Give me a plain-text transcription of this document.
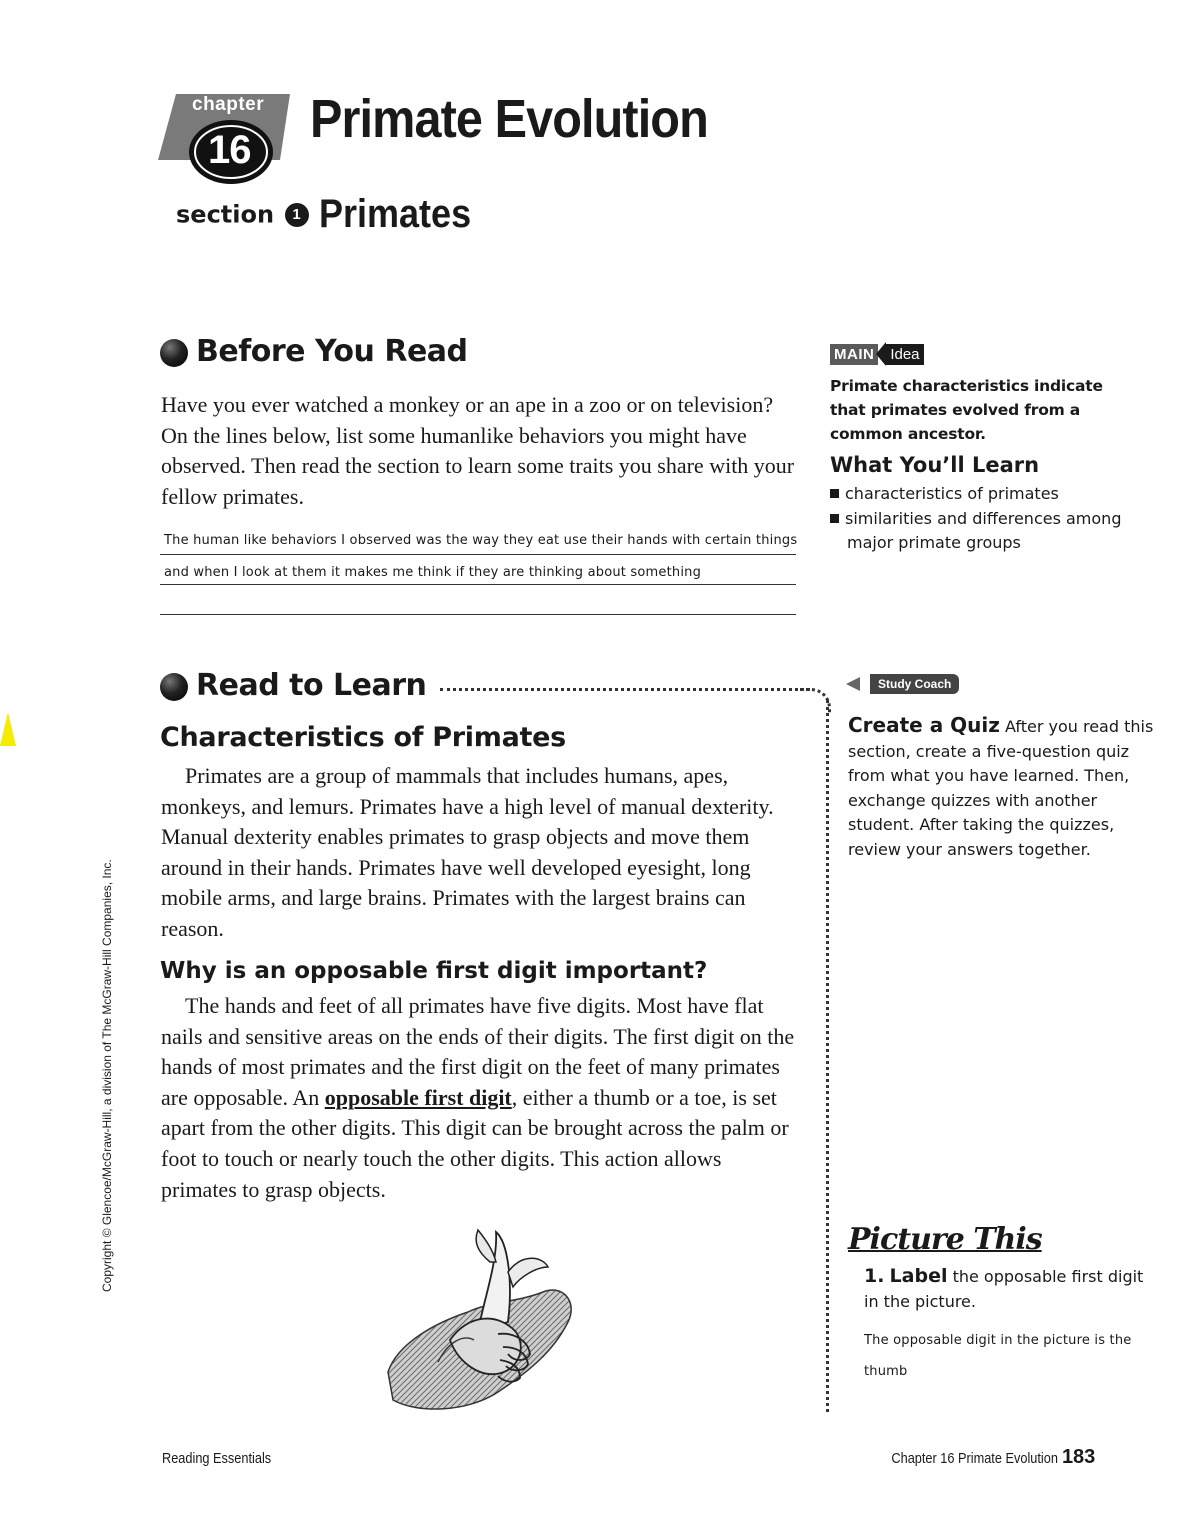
chapter
16
Primate Evolution
section 1 Primates
Before You Read
Have you ever watched a monkey or an ape in a zoo or on television? On the lines below, list some humanlike behaviors you might have observed. Then read the section to learn some traits you share with your fellow primates.
The human like behaviors I observed was the way they eat use their hands with certain things
and when I look at them it makes me think if they are thinking about something
MAIN Idea
Primate characteristics indicate that primates evolved from a common ancestor.
What You’ll Learn
characteristics of primates
similarities and differences among major primate groups
Read to Learn
Characteristics of Primates
Primates are a group of mammals that includes humans, apes, monkeys, and lemurs. Primates have a high level of manual dexterity. Manual dexterity enables primates to grasp objects and move them around in their hands. Primates have well developed eyesight, long mobile arms, and large brains. Primates with the largest brains can reason.
Why is an opposable first digit important?
The hands and feet of all primates have five digits. Most have flat nails and sensitive areas on the ends of their digits. The first digit on the hands of most primates and the first digit on the feet of many primates are opposable. An opposable first digit, either a thumb or a toe, is set apart from the other digits. This digit can be brought across the palm or foot to touch or nearly touch the other digits. This action allows primates to grasp objects.
Study Coach
Create a Quiz After you read this section, create a five-question quiz from what you have learned. Then, exchange quizzes with another student. After taking the quizzes, review your answers together.
Picture This
1. Label the opposable first digit in the picture.
The opposable digit in the picture is the
thumb
Copyright © Glencoe/McGraw-Hill, a division of The McGraw-Hill Companies, Inc.
Reading Essentials	Chapter 16 Primate Evolution 183
